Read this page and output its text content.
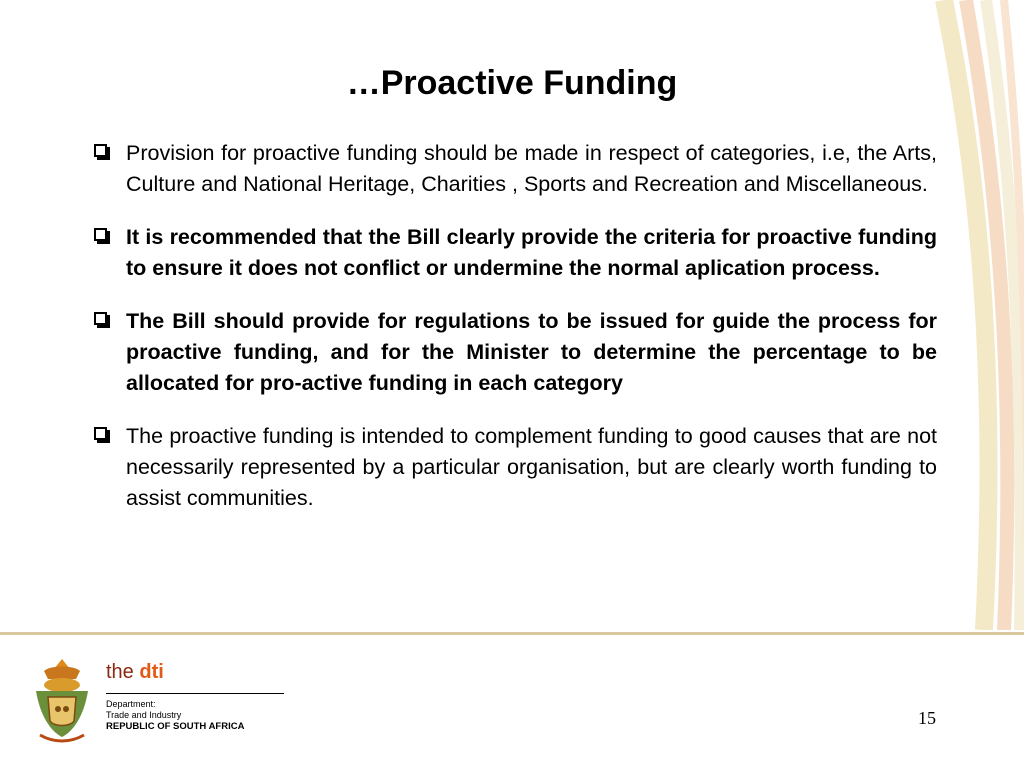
…Proactive Funding
Provision for proactive funding should be made in respect of categories, i.e, the Arts, Culture and National Heritage, Charities , Sports and Recreation and Miscellaneous.
It is recommended that the Bill clearly provide the criteria for proactive funding to ensure it does not conflict or undermine the normal aplication process.
The Bill should provide for regulations to be issued for guide the process for proactive funding, and for the Minister to determine the percentage to be allocated for pro-active funding in each category
The proactive funding is intended to complement funding to good causes that are not necessarily represented by a particular organisation, but are clearly worth funding to assist communities.
the dti
Department:
Trade and Industry
REPUBLIC OF SOUTH AFRICA	15
